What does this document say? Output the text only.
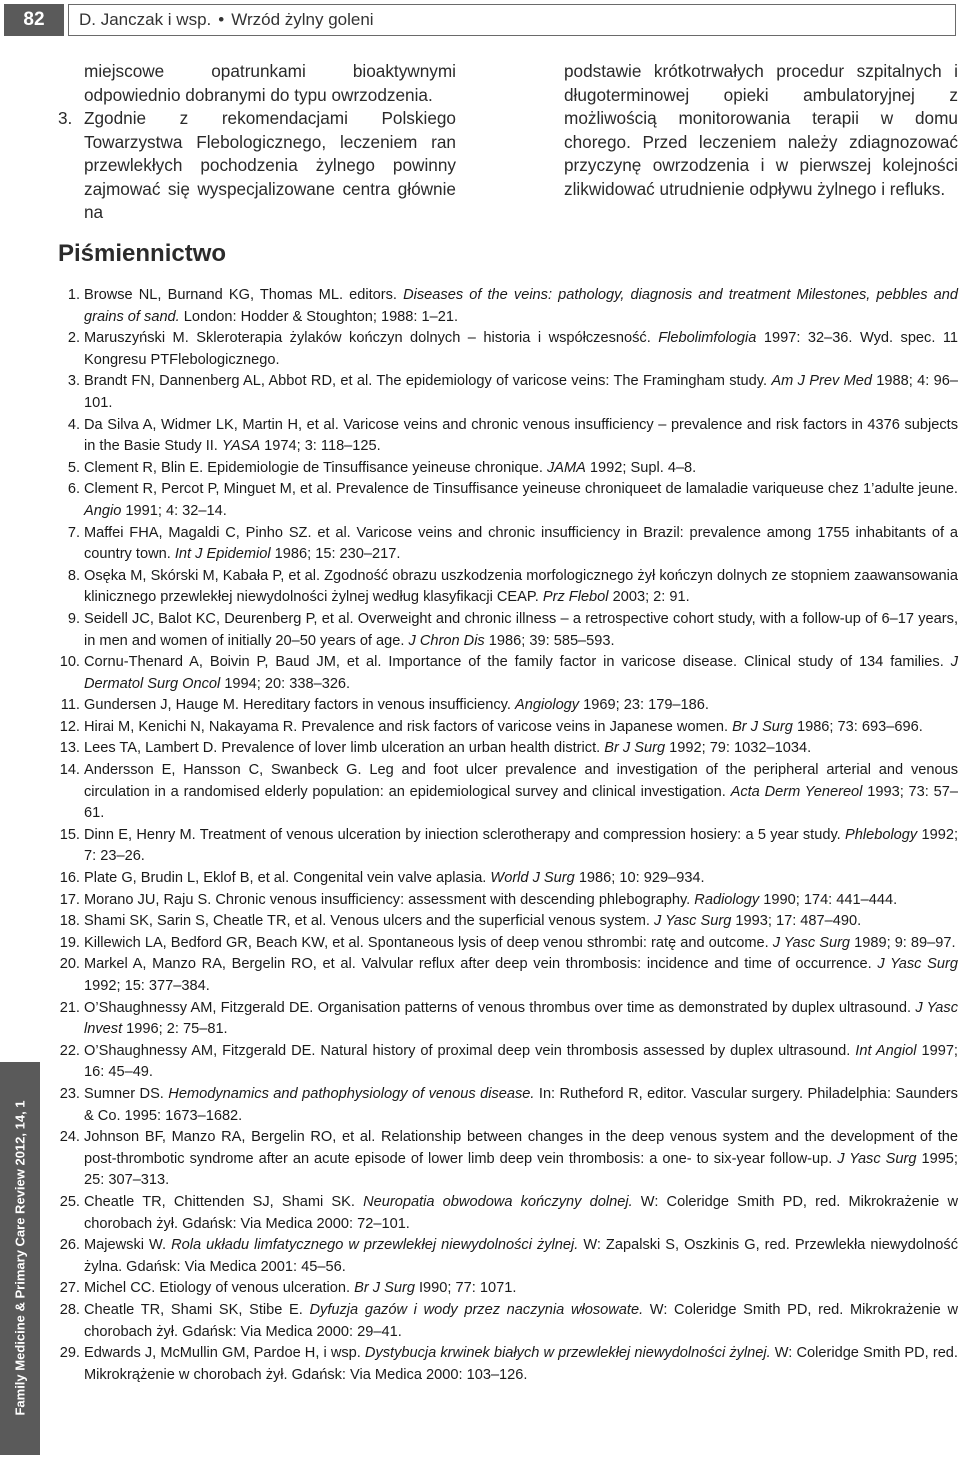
82	D. Janczak i wsp. • Wrzód żylny goleni

miejscowe opatrunkami bioaktywnymi odpowiednio dobranymi do typu owrzodzenia.

3. Zgodnie z rekomendacjami Polskiego Towarzystwa Flebologicznego, leczeniem ran przewlekłych pochodzenia żylnego powinny zajmować się wyspecjalizowane centra głównie na

podstawie krótkotrwałych procedur szpitalnych i długoterminowej opieki ambulatoryjnej z możliwością monitorowania terapii w domu chorego. Przed leczeniem należy zdiagnozować przyczynę owrzodzenia i w pierwszej kolejności zlikwidować utrudnienie odpływu żylnego i refluks.

Piśmiennictwo
1. Browse NL, Burnand KG, Thomas ML. editors. Diseases of the veins: pathology, diagnosis and treatment Milestones, pebbles and grains of sand. London: Hodder & Stoughton; 1988: 1–21.
2. Maruszyński M. Skleroterapia żylaków kończyn dolnych – historia i współczesność. Flebolimfologia 1997: 32–36. Wyd. spec. 11 Kongresu PTFlebologicznego.
3. Brandt FN, Dannenberg AL, Abbot RD, et al. The epidemiology of varicose veins: The Framingham study. Am J Prev Med 1988; 4: 96–101.
4. Da Silva A, Widmer LK, Martin H, et al. Varicose veins and chronic venous insufficiency – prevalence and risk factors in 4376 subjects in the Basie Study II. YASA 1974; 3: 118–125.
5. Clement R, Blin E. Epidemiologie de Tinsuffisance yeineuse chronique. JAMA 1992; Supl. 4–8.
6. Clement R, Percot P, Minguet M, et al. Prevalence de Tinsuffisance yeineuse chroniqueet de lamaladie variqueuse chez 1’adulte jeune. Angio 1991; 4: 32–14.
7. Maffei FHA, Magaldi C, Pinho SZ. et al. Varicose veins and chronic insufficiency in Brazil: prevalence among 1755 inhabitants of a country town. Int J Epidemiol 1986; 15: 230–217.
8. Osęka M, Skórski M, Kabała P, et al. Zgodność obrazu uszkodzenia morfologicznego żył kończyn dolnych ze stopniem zaawansowania klinicznego przewlekłej niewydolności żylnej według klasyfikacji CEAP. Prz Flebol 2003; 2: 91.
9. Seidell JC, Balot KC, Deurenberg P, et al. Overweight and chronic illness – a retrospective cohort study, with a follow-up of 6–17 years, in men and women of initially 20–50 years of age. J Chron Dis 1986; 39: 585–593.
10. Cornu-Thenard A, Boivin P, Baud JM, et al. Importance of the family factor in varicose disease. Clinical study of 134 families. J Dermatol Surg Oncol 1994; 20: 338–326.
11. Gundersen J, Hauge M. Hereditary factors in venous insufficiency. Angiology 1969; 23: 179–186.
12. Hirai M, Kenichi N, Nakayama R. Prevalence and risk factors of varicose veins in Japanese women. Br J Surg 1986; 73: 693–696.
13. Lees TA, Lambert D. Prevalence of lover limb ulceration an urban health district. Br J Surg 1992; 79: 1032–1034.
14. Andersson E, Hansson C, Swanbeck G. Leg and foot ulcer prevalence and investigation of the peripheral arterial and venous circulation in a randomised elderly population: an epidemiological survey and clinical investigation. Acta Derm Yenereol 1993; 73: 57–61.
15. Dinn E, Henry M. Treatment of venous ulceration by iniection sclerotherapy and compression hosiery: a 5 year study. Phlebology 1992; 7: 23–26.
16. Plate G, Brudin L, Eklof B, et al. Congenital vein valve aplasia. World J Surg 1986; 10: 929–934.
17. Morano JU, Raju S. Chronic venous insufficiency: assessment with descending phlebography. Radiology 1990; 174: 441–444.
18. Shami SK, Sarin S, Cheatle TR, et al. Venous ulcers and the superficial venous system. J Yasc Surg 1993; 17: 487–490.
19. Killewich LA, Bedford GR, Beach KW, et al. Spontaneous lysis of deep venou sthrombi: ratę and outcome. J Yasc Surg 1989; 9: 89–97.
20. Markel A, Manzo RA, Bergelin RO, et al. Valvular reflux after deep vein thrombosis: incidence and time of occurrence. J Yasc Surg 1992; 15: 377–384.
21. O’Shaughnessy AM, Fitzgerald DE. Organisation patterns of venous thrombus over time as demonstrated by duplex ultrasound. J Yasc lnvest 1996; 2: 75–81.
22. O’Shaughnessy AM, Fitzgerald DE. Natural history of proximal deep vein thrombosis assessed by duplex ultrasound. Int Angiol 1997; 16: 45–49.
23. Sumner DS. Hemodynamics and pathophysiology of venous disease. In: Rutheford R, editor. Vascular surgery. Philadelphia: Saunders & Co. 1995: 1673–1682.
24. Johnson BF, Manzo RA, Bergelin RO, et al. Relationship between changes in the deep venous system and the development of the post-thrombotic syndrome after an acute episode of lower limb deep vein thrombosis: a one- to six-year follow-up. J Yasc Surg 1995; 25: 307–313.
25. Cheatle TR, Chittenden SJ, Shami SK. Neuropatia obwodowa kończyny dolnej. W: Coleridge Smith PD, red. Mikrokrażenie w chorobach żył. Gdańsk: Via Medica 2000: 72–101.
26. Majewski W. Rola układu limfatycznego w przewlekłej niewydolności żylnej. W: Zapalski S, Oszkinis G, red. Przewlekła niewydolność żylna. Gdańsk: Via Medica 2001: 45–56.
27. Michel CC. Etiology of venous ulceration. Br J Surg I990; 77: 1071.
28. Cheatle TR, Shami SK, Stibe E. Dyfuzja gazów i wody przez naczynia włosowate. W: Coleridge Smith PD, red. Mikrokrażenie w chorobach żył. Gdańsk: Via Medica 2000: 29–41.
29. Edwards J, McMullin GM, Pardoe H, i wsp. Dystybucja krwinek białych w przewlekłej niewydolności żylnej. W: Coleridge Smith PD, red. Mikrokrążenie w chorobach żył. Gdańsk: Via Medica 2000: 103–126.
Family Medicine & Primary Care Review 2012, 14, 1
